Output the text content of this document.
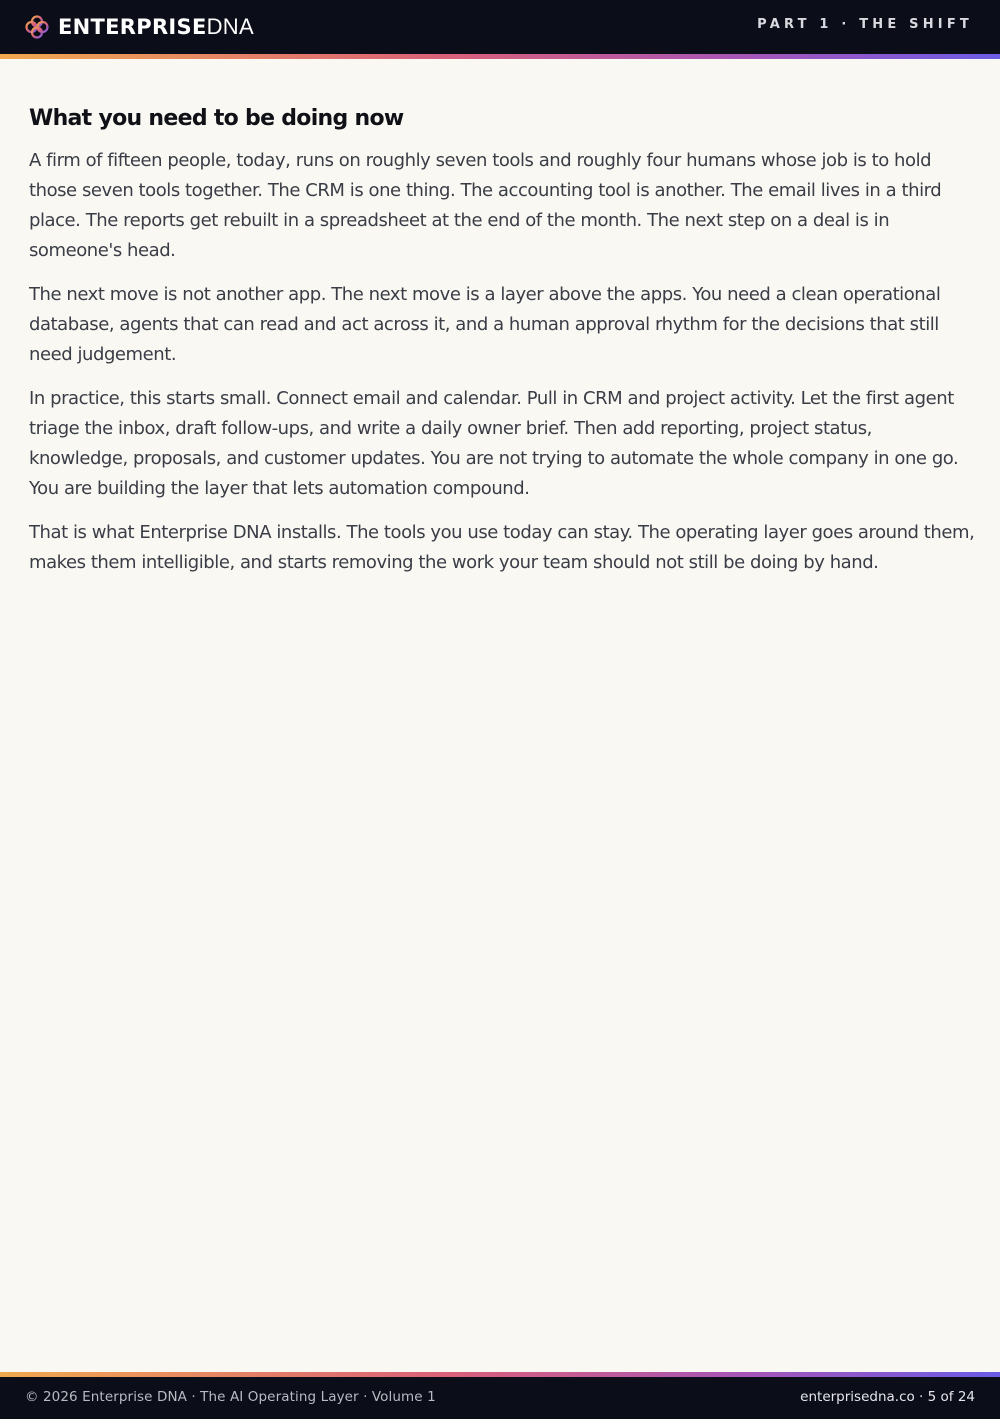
ENTERPRISE DNA	PART 1 · THE SHIFT
What you need to be doing now

A firm of fifteen people, today, runs on roughly seven tools and roughly four humans whose job is to hold those seven tools together. The CRM is one thing. The accounting tool is another. The email lives in a third place. The reports get rebuilt in a spreadsheet at the end of the month. The next step on a deal is in someone's head.

The next move is not another app. The next move is a layer above the apps. You need a clean operational database, agents that can read and act across it, and a human approval rhythm for the decisions that still need judgement.

In practice, this starts small. Connect email and calendar. Pull in CRM and project activity. Let the first agent triage the inbox, draft follow-ups, and write a daily owner brief. Then add reporting, project status, knowledge, proposals, and customer updates. You are not trying to automate the whole company in one go. You are building the layer that lets automation compound.

That is what Enterprise DNA installs. The tools you use today can stay. The operating layer goes around them, makes them intelligible, and starts removing the work your team should not still be doing by hand.

© 2026 Enterprise DNA · The AI Operating Layer · Volume 1	enterprisedna.co · 5 of 24
